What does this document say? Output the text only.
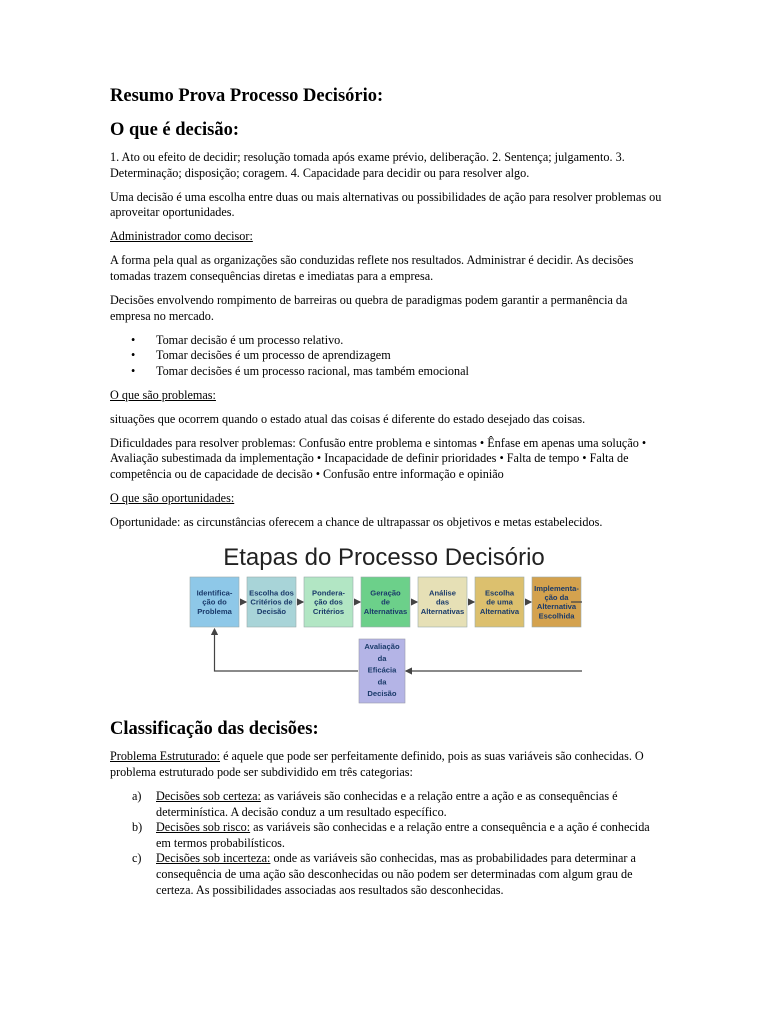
Resumo Prova Processo Decisório:
O que é decisão:

1. Ato ou efeito de decidir; resolução tomada após exame prévio, deliberação. 2. Sentença; julgamento. 3. Determinação; disposição; coragem. 4. Capacidade para decidir ou para resolver algo.

Uma decisão é uma escolha entre duas ou mais alternativas ou possibilidades de ação para resolver problemas ou aproveitar oportunidades.

Administrador como decisor:

A forma pela qual as organizações são conduzidas reflete nos resultados. Administrar é decidir. As decisões tomadas trazem consequências diretas e imediatas para a empresa.

Decisões envolvendo rompimento de barreiras ou quebra de paradigmas podem garantir a permanência da empresa no mercado.

• Tomar decisão é um processo relativo.
• Tomar decisões é um processo de aprendizagem
• Tomar decisões é um processo racional, mas também emocional

O que são problemas:

situações que ocorrem quando o estado atual das coisas é diferente do estado desejado das coisas.

Dificuldades para resolver problemas: Confusão entre problema e sintomas • Ênfase em apenas uma solução • Avaliação subestimada da implementação • Incapacidade de definir prioridades • Falta de tempo • Falta de competência ou de capacidade de decisão • Confusão entre informação e opinião

O que são oportunidades:

Oportunidade: as circunstâncias oferecem a chance de ultrapassar os objetivos e metas estabelecidos.

Etapas do Processo Decisório
Identifica-
ção do
Problema
Escolha dos
Critérios de
Decisão
Pondera-
ção dos
Critérios
Geração
de
Alternativas
Análise
das
Alternativas
Escolha
de uma
Alternativa
Implementa-
ção da
Alternativa
Escolhida
Avaliação
da
Eficácia
da
Decisão
Classificação das decisões:

Problema Estruturado: é aquele que pode ser perfeitamente definido, pois as suas variáveis são conhecidas. O problema estruturado pode ser subdividido em três categorias:

a) Decisões sob certeza: as variáveis são conhecidas e a relação entre a ação e as consequências é determinística. A decisão conduz a um resultado específico.
b) Decisões sob risco: as variáveis são conhecidas e a relação entre a consequência e a ação é conhecida em termos probabilísticos.
c) Decisões sob incerteza: onde as variáveis são conhecidas, mas as probabilidades para determinar a consequência de uma ação são desconhecidas ou não podem ser determinadas com algum grau de certeza. As possibilidades associadas aos resultados são desconhecidas.
